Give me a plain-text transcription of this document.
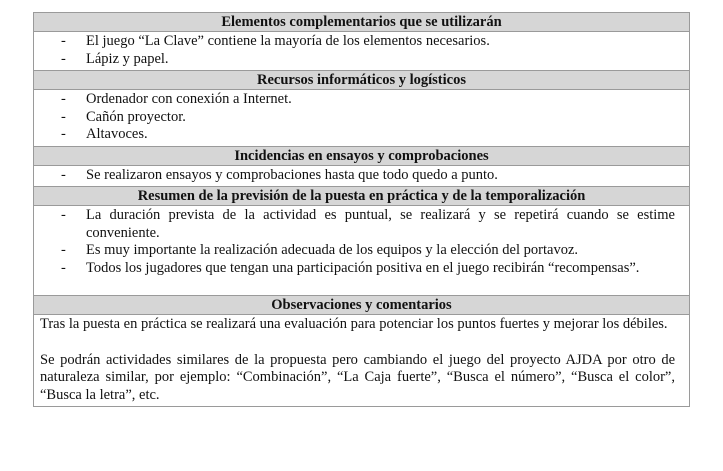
Elementos complementarios que se utilizarán
- El juego “La Clave” contiene la mayoría de los elementos necesarios.
- Lápiz y papel.
Recursos informáticos y logísticos
- Ordenador con conexión a Internet.
- Cañón proyector.
- Altavoces.
Incidencias en ensayos y comprobaciones
- Se realizaron ensayos y comprobaciones hasta que todo quedo a punto.
Resumen de la previsión de la puesta en práctica y de la temporalización
- La duración prevista de la actividad es puntual, se realizará y se repetirá cuando se estime conveniente.
- Es muy importante la realización adecuada de los equipos y la elección del portavoz.
- Todos los jugadores que tengan una participación positiva en el juego recibirán “recompensas”.
Observaciones y comentarios
Tras la puesta en práctica se realizará una evaluación para potenciar los puntos fuertes y mejorar los débiles.
Se podrán actividades similares de la propuesta pero cambiando el juego del proyecto AJDA por otro de naturaleza similar, por ejemplo: “Combinación”, “La Caja fuerte”, “Busca el número”, “Busca el color”, “Busca la letra”, etc.
